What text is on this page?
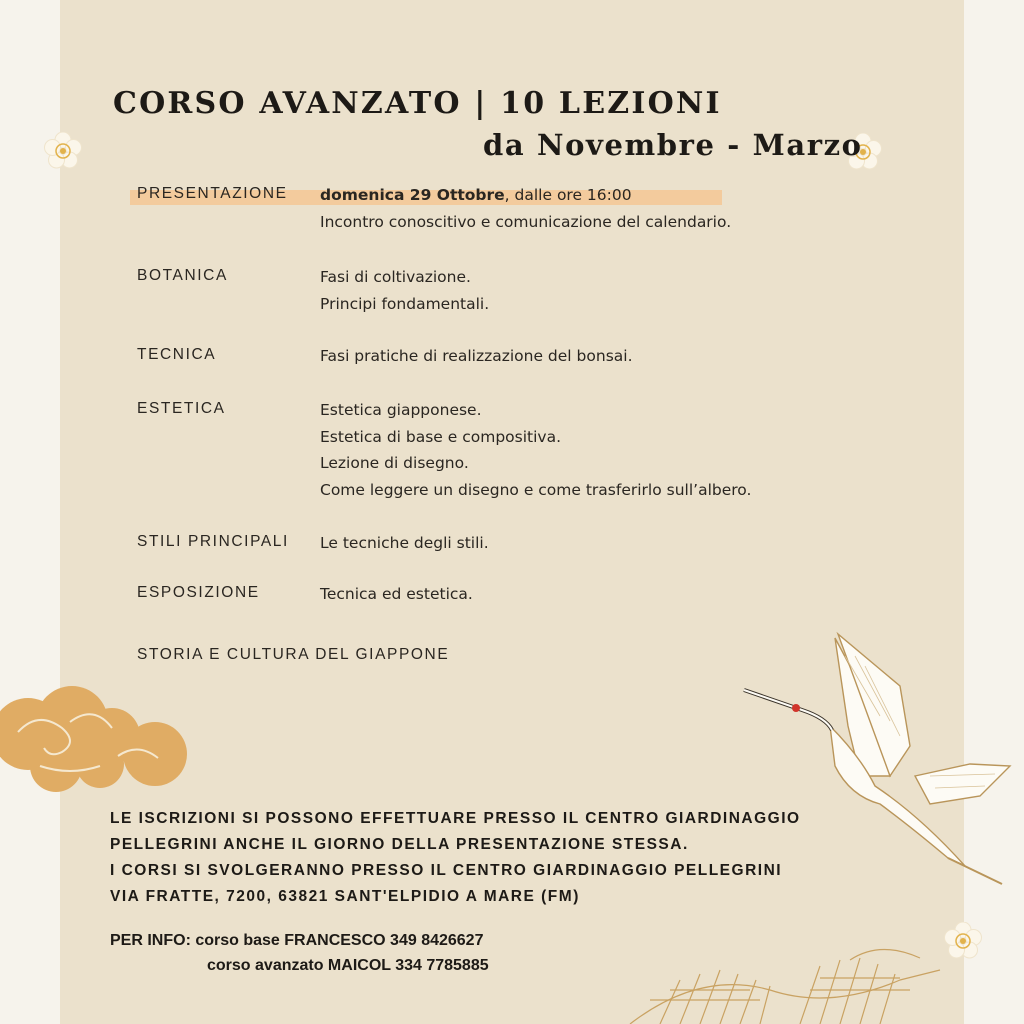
CORSO AVANZATO | 10 LEZIONI
da Novembre - Marzo
PRESENTAZIONE	domenica 29 Ottobre, dalle ore 16:00
Incontro conoscitivo e comunicazione del calendario.
BOTANICA	Fasi di coltivazione.
Principi fondamentali.
TECNICA	Fasi pratiche di realizzazione del bonsai.
ESTETICA	Estetica giapponese.
Estetica di base e compositiva.
Lezione di disegno.
Come leggere un disegno e come trasferirlo sull’albero.
STILI PRINCIPALI	Le tecniche degli stili.
ESPOSIZIONE	Tecnica ed estetica.
STORIA E CULTURA DEL GIAPPONE
LE ISCRIZIONI SI POSSONO EFFETTUARE PRESSO IL CENTRO GIARDINAGGIO
PELLEGRINI ANCHE IL GIORNO DELLA PRESENTAZIONE STESSA.
I CORSI SI SVOLGERANNO PRESSO IL CENTRO GIARDINAGGIO PELLEGRINI
VIA FRATTE, 7200, 63821 SANT'ELPIDIO A MARE (FM)
PER INFO: corso base FRANCESCO 349 8426627
corso avanzato MAICOL 334 7785885
